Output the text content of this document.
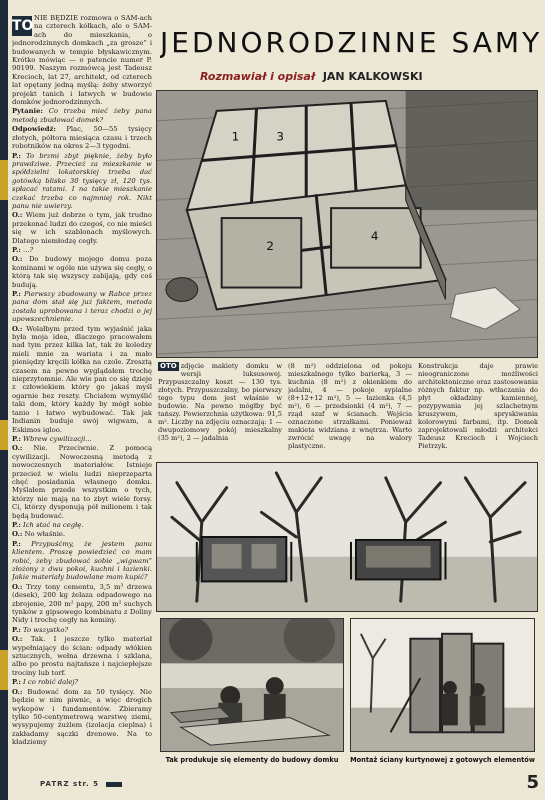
JEDNORODZINNE SAMY
Rozmawiał i opisał JAN KALKOWSKI

TO NIE BĘDZIE rozmowa o SAM-ach na czterech kółkach, ale o SAM-ach do mieszkania, o jednorodzinnych domkach „za grosze” i budowanych w tempie błyskawicznym. Krótko mówiąc — o patencie numer P. 90199. Naszym rozmówcą jest Tadeusz Krecioch, lat 27, architekt, od czterech lat opętany jedną myślą: żeby stworzyć projekt tanich i łatwych w budowie domków jednorodzinnych.

Pytanie: Co trzeba mieć żeby pana metodą zbudować domek?

Odpowiedź: Plac, 50—55 tysięcy złotych, półtora miesiąca czasu i trzech robotników na okres 2—3 tygodni.

P.: To brzmi zbyt pięknie, żeby było prawdziwe. Przecież za mieszkanie w spółdzielni lokatorskiej trzeba dać gotówką blisko 30 tysięcy zł, 120 tys. spłacać ratami. I na takie mieszkanie czekać trzeba co najmniej rok. Nikt panu nie uwierzy.

O.: Wiem już dobrze o tym, jak trudno przekonać ludzi do czegoś, co nie mieści się w ich szablonach myślowych. Dlatego niemłodzę cegły.

P.: ...?

O.: Do budowy mojego domu poza kominami w ogóle nie używa się cegły, o którą tak się wszyscy zabijają, gdy coś budują.

P.: Pierwszy zbudowany w Rabce przez pana dom stał się już faktem, metoda została uprobowana i teraz chodzi o jej upowszechnienie.

O.: Wolałbym przed tym wyjaśnić jaka była moja idea, dlaczego pracowałem nad tym przez kilka lat, tak że koledzy mieli mnie za wariata i za mało pieniędzy kręcili kółka na czole. Zresztą czasem na pewno wyglądałem trochę nieprzytomnie. Ale wie pan co się dzieje z człowiekiem który go jakaś myśl ogarnie bez reszty. Chciałem wymyślić taki dom, który każdy by mógł sobie tanio i łatwo wybudować. Tak jak Indianin buduje swój wigwam, a Eskimos igloo.

P.: Wbrew cywilizacji...

O.: Nie. Przeciwnie. Z pomocą cywilizacji. Nowoczesną metodą z nowoczesnych materiałów. Istnieje przecież w wielu ludzi nieprzeparta chęć posiadania własnego domku. Myślałem przede wszystkim o tych, którzy nie mają na to zbyt wiele forsy. Ci, którzy dysponują pół milionem i tak będą budować.

P.: Ich stać na cegłę.

O.: No właśnie.

P.: Przypuśćmy, że jestem panu klientem. Proszę powiedzieć co mam robić, żeby zbudować sobie „wigwam” złożony z dwu pokoi, kuchni i łazienki. Jakie materiały budowlane mam kupić?

O.: Trzy tony cementu, 3,5 m³ drzewa (desek), 200 kg żelaza odpadowego na zbrojenie, 200 m² papy, 200 m² suchych tynków z gipsowego kombinatu z Doliny Nidy i trochę cegły na kominy.

P.: To wszystko?

O.: Tak. I jeszcze tylko materiał wypełniający do ścian: odpady włókien sztucznych, wełna drzewna i szklana, albo po prostu najtańsze i najciepłejsze trociny lub torf.

P.: I co robić dalej?

O.: Budować dom za 50 tysięcy. Nie będzie w nim piwnic, a więc drogich wykopów i fundamentów. Zbieramy tylko 50-centymetrową warstwę ziemi, wysypujemy żużlem (izolacja cieplna) i zakładamy sączki drenowe. Na to kładziemy

1
2
3
4
OTO zdjęcie makiety domku w wersji luksusowej. Przypuszczalny koszt — 130 tys. złotych. Przypuszczalny, bo pierwszy tego typu dom jest właśnie w budowie. Na pewno mógłby być tańszy. Powierzchnia użytkowa: 91,5 m². Liczby na zdjęciu oznaczają: 1 — dwupoziomowy pokój mieszkalny (35 m²), 2 — jadalnia
(8 m²) oddzielona od pokoju mieszkalnego tylko barierką, 3 — kuchnia (8 m²) z okienkiem do jadalni, 4 — pokoje sypialne (8+12+12 m²), 5 — łazienka (4,5 m²), 6 — przedsionki (4 m²), 7 — rząd szaf w ścianach. Wejścia oznaczone strzałkami. Ponieważ makieta widziana z wnętrza. Warto zwrócić uwagę na walory plastyczne.
Konstrukcja daje prawie nieograniczone możliwości architektoniczne oraz zastosowania różnych faktur np. wtłaczania do płyt okładziny kamiennej, pozypywania jej szlachetnym kruszywem, spryskiwania kolorowymi farbami, itp. Domek zaprojektowali młodzi architekci Tadeusz Krecioch i Wojciech Pietrzyk.
Tak produkuje się elementy do budowy domku	Montaż ściany kurtynowej z gotowych elementów
PATRZ str. 5	5
